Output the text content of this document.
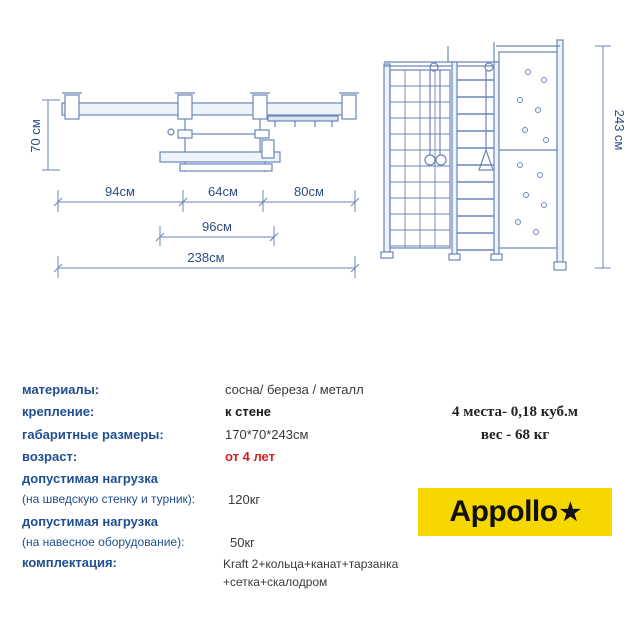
70 см
94см	64см	80см
96см
238см
243 см
материалы:	сосна/ береза / металл
крепление:	к стене
габаритные размеры:	170*70*243см
возраст:	от 4 лет
допустимая нагрузка
(на шведскую стенку и турник):	120кг
допустимая нагрузка
(на навесное оборудование):	50кг
комплектация:	Kraft 2+кольца+канат+тарзанка
+сетка+скалодром
4 места- 0,18 куб.м
вес - 68 кг
Appollo ★
